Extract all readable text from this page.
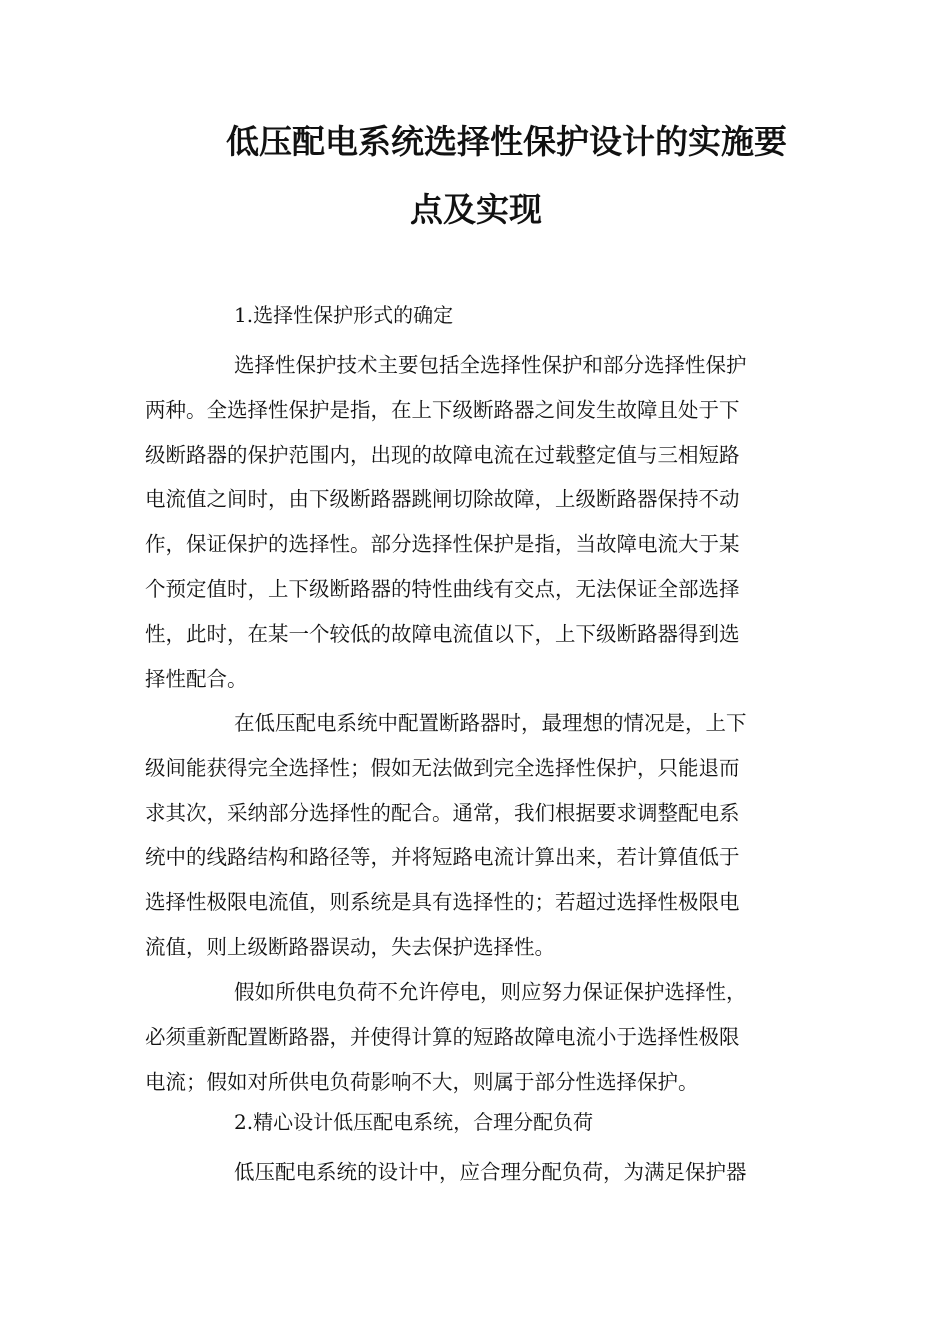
低压配电系统选择性保护设计的实施要
点及实现
1.选择性保护形式的确定
选择性保护技术主要包括全选择性保护和部分选择性保护
两种。全选择性保护是指，在上下级断路器之间发生故障且处于下
级断路器的保护范围内，出现的故障电流在过载整定值与三相短路
电流值之间时，由下级断路器跳闸切除故障，上级断路器保持不动
作，保证保护的选择性。部分选择性保护是指，当故障电流大于某
个预定值时，上下级断路器的特性曲线有交点，无法保证全部选择
性，此时，在某一个较低的故障电流值以下，上下级断路器得到选
择性配合。
在低压配电系统中配置断路器时，最理想的情况是，上下
级间能获得完全选择性；假如无法做到完全选择性保护，只能退而
求其次，采纳部分选择性的配合。通常，我们根据要求调整配电系
统中的线路结构和路径等，并将短路电流计算出来，若计算值低于
选择性极限电流值，则系统是具有选择性的；若超过选择性极限电
流值，则上级断路器误动，失去保护选择性。
假如所供电负荷不允许停电，则应努力保证保护选择性，
必须重新配置断路器，并使得计算的短路故障电流小于选择性极限
电流；假如对所供电负荷影响不大，则属于部分性选择保护。
2.精心设计低压配电系统，合理分配负荷
低压配电系统的设计中，应合理分配负荷，为满足保护器
